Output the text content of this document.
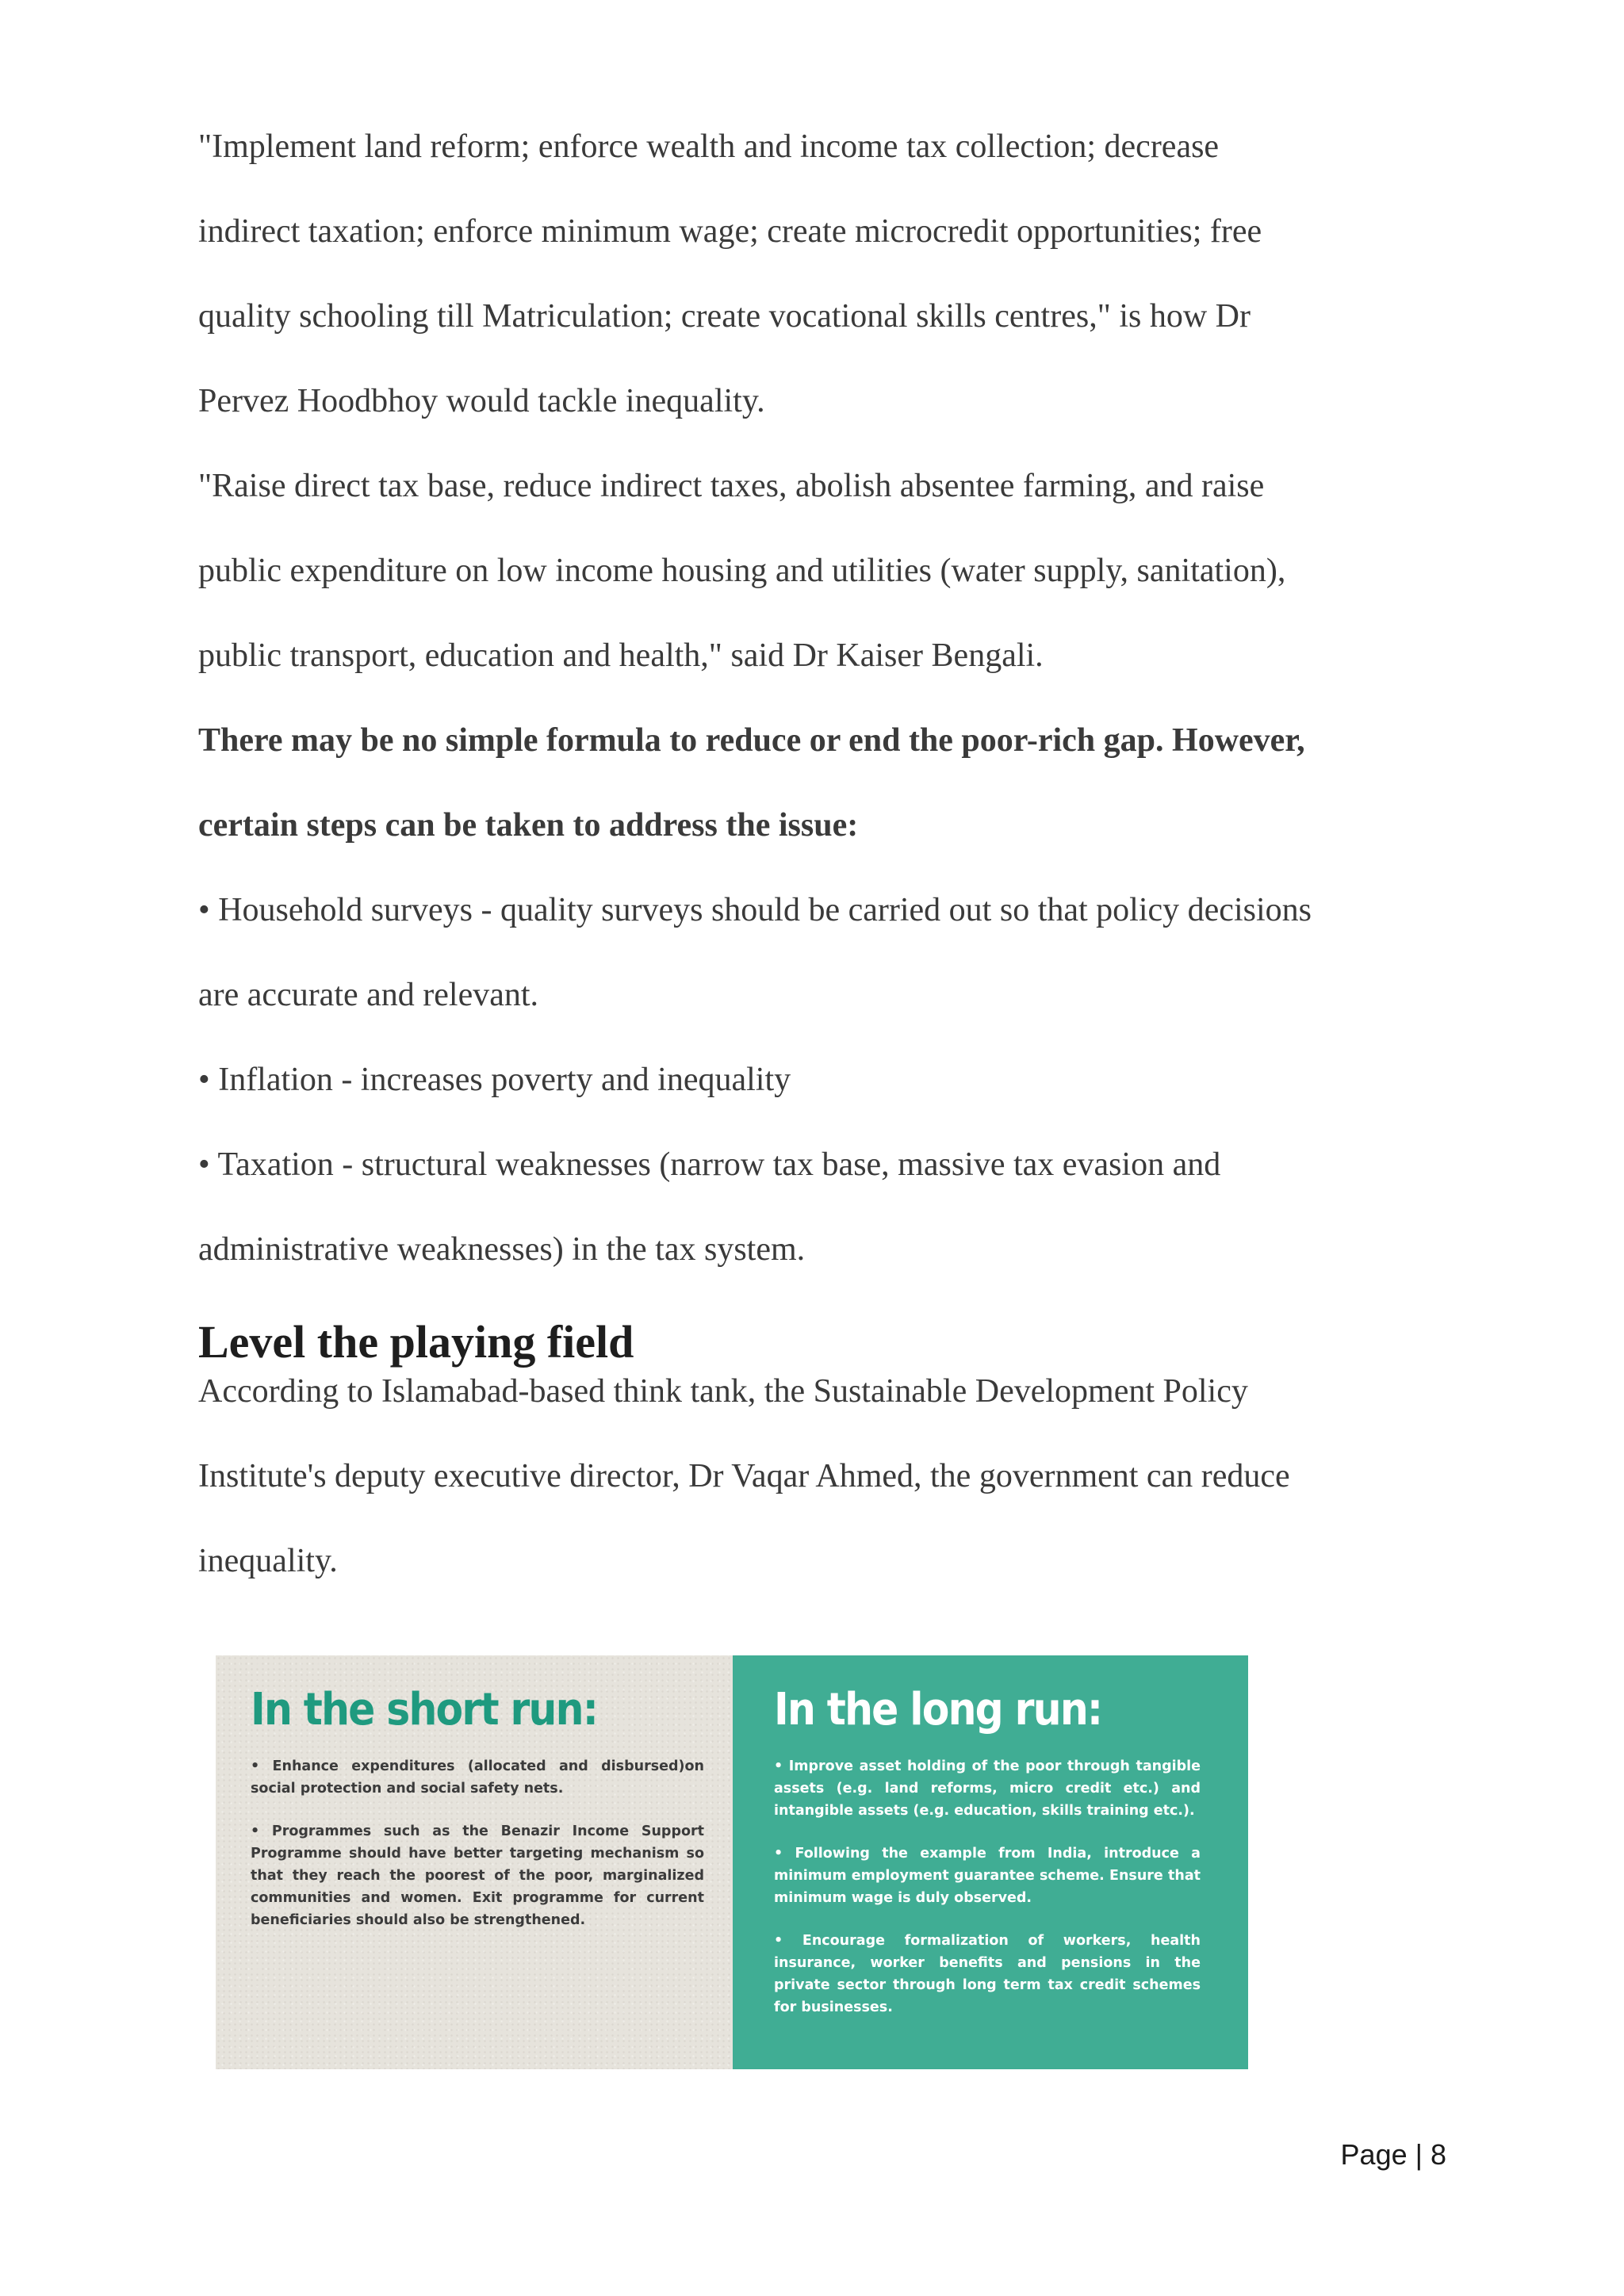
"Implement land reform; enforce wealth and income tax collection; decrease
indirect taxation; enforce minimum wage; create microcredit opportunities; free
quality schooling till Matriculation; create vocational skills centres," is how Dr
Pervez Hoodbhoy would tackle inequality.
"Raise direct tax base, reduce indirect taxes, abolish absentee farming, and raise
public expenditure on low income housing and utilities (water supply, sanitation),
public transport, education and health," said Dr Kaiser Bengali.
There may be no simple formula to reduce or end the poor-rich gap. However,
certain steps can be taken to address the issue:
• Household surveys - quality surveys should be carried out so that policy decisions
are accurate and relevant.
• Inflation - increases poverty and inequality
• Taxation - structural weaknesses (narrow tax base, massive tax evasion and
administrative weaknesses) in the tax system.
Level the playing field
According to Islamabad-based think tank, the Sustainable Development Policy
Institute's deputy executive director, Dr Vaqar Ahmed, the government can reduce
inequality.
In the short run:
• Enhance expenditures (allocated and disbursed)on social protection and social safety nets.
• Programmes such as the Benazir Income Support Programme should have better targeting mechanism so that they reach the poorest of the poor, marginalized communities and women. Exit programme for current beneficiaries should also be strengthened.
In the long run:
• Improve asset holding of the poor through tangible assets (e.g. land reforms, micro credit etc.) and intangible assets (e.g. education, skills training etc.).
• Following the example from India, introduce a minimum employment guarantee scheme. Ensure that minimum wage is duly observed.
• Encourage formalization of workers, health insurance, worker benefits and pensions in the private sector through long term tax credit schemes for businesses.
Page | 8
